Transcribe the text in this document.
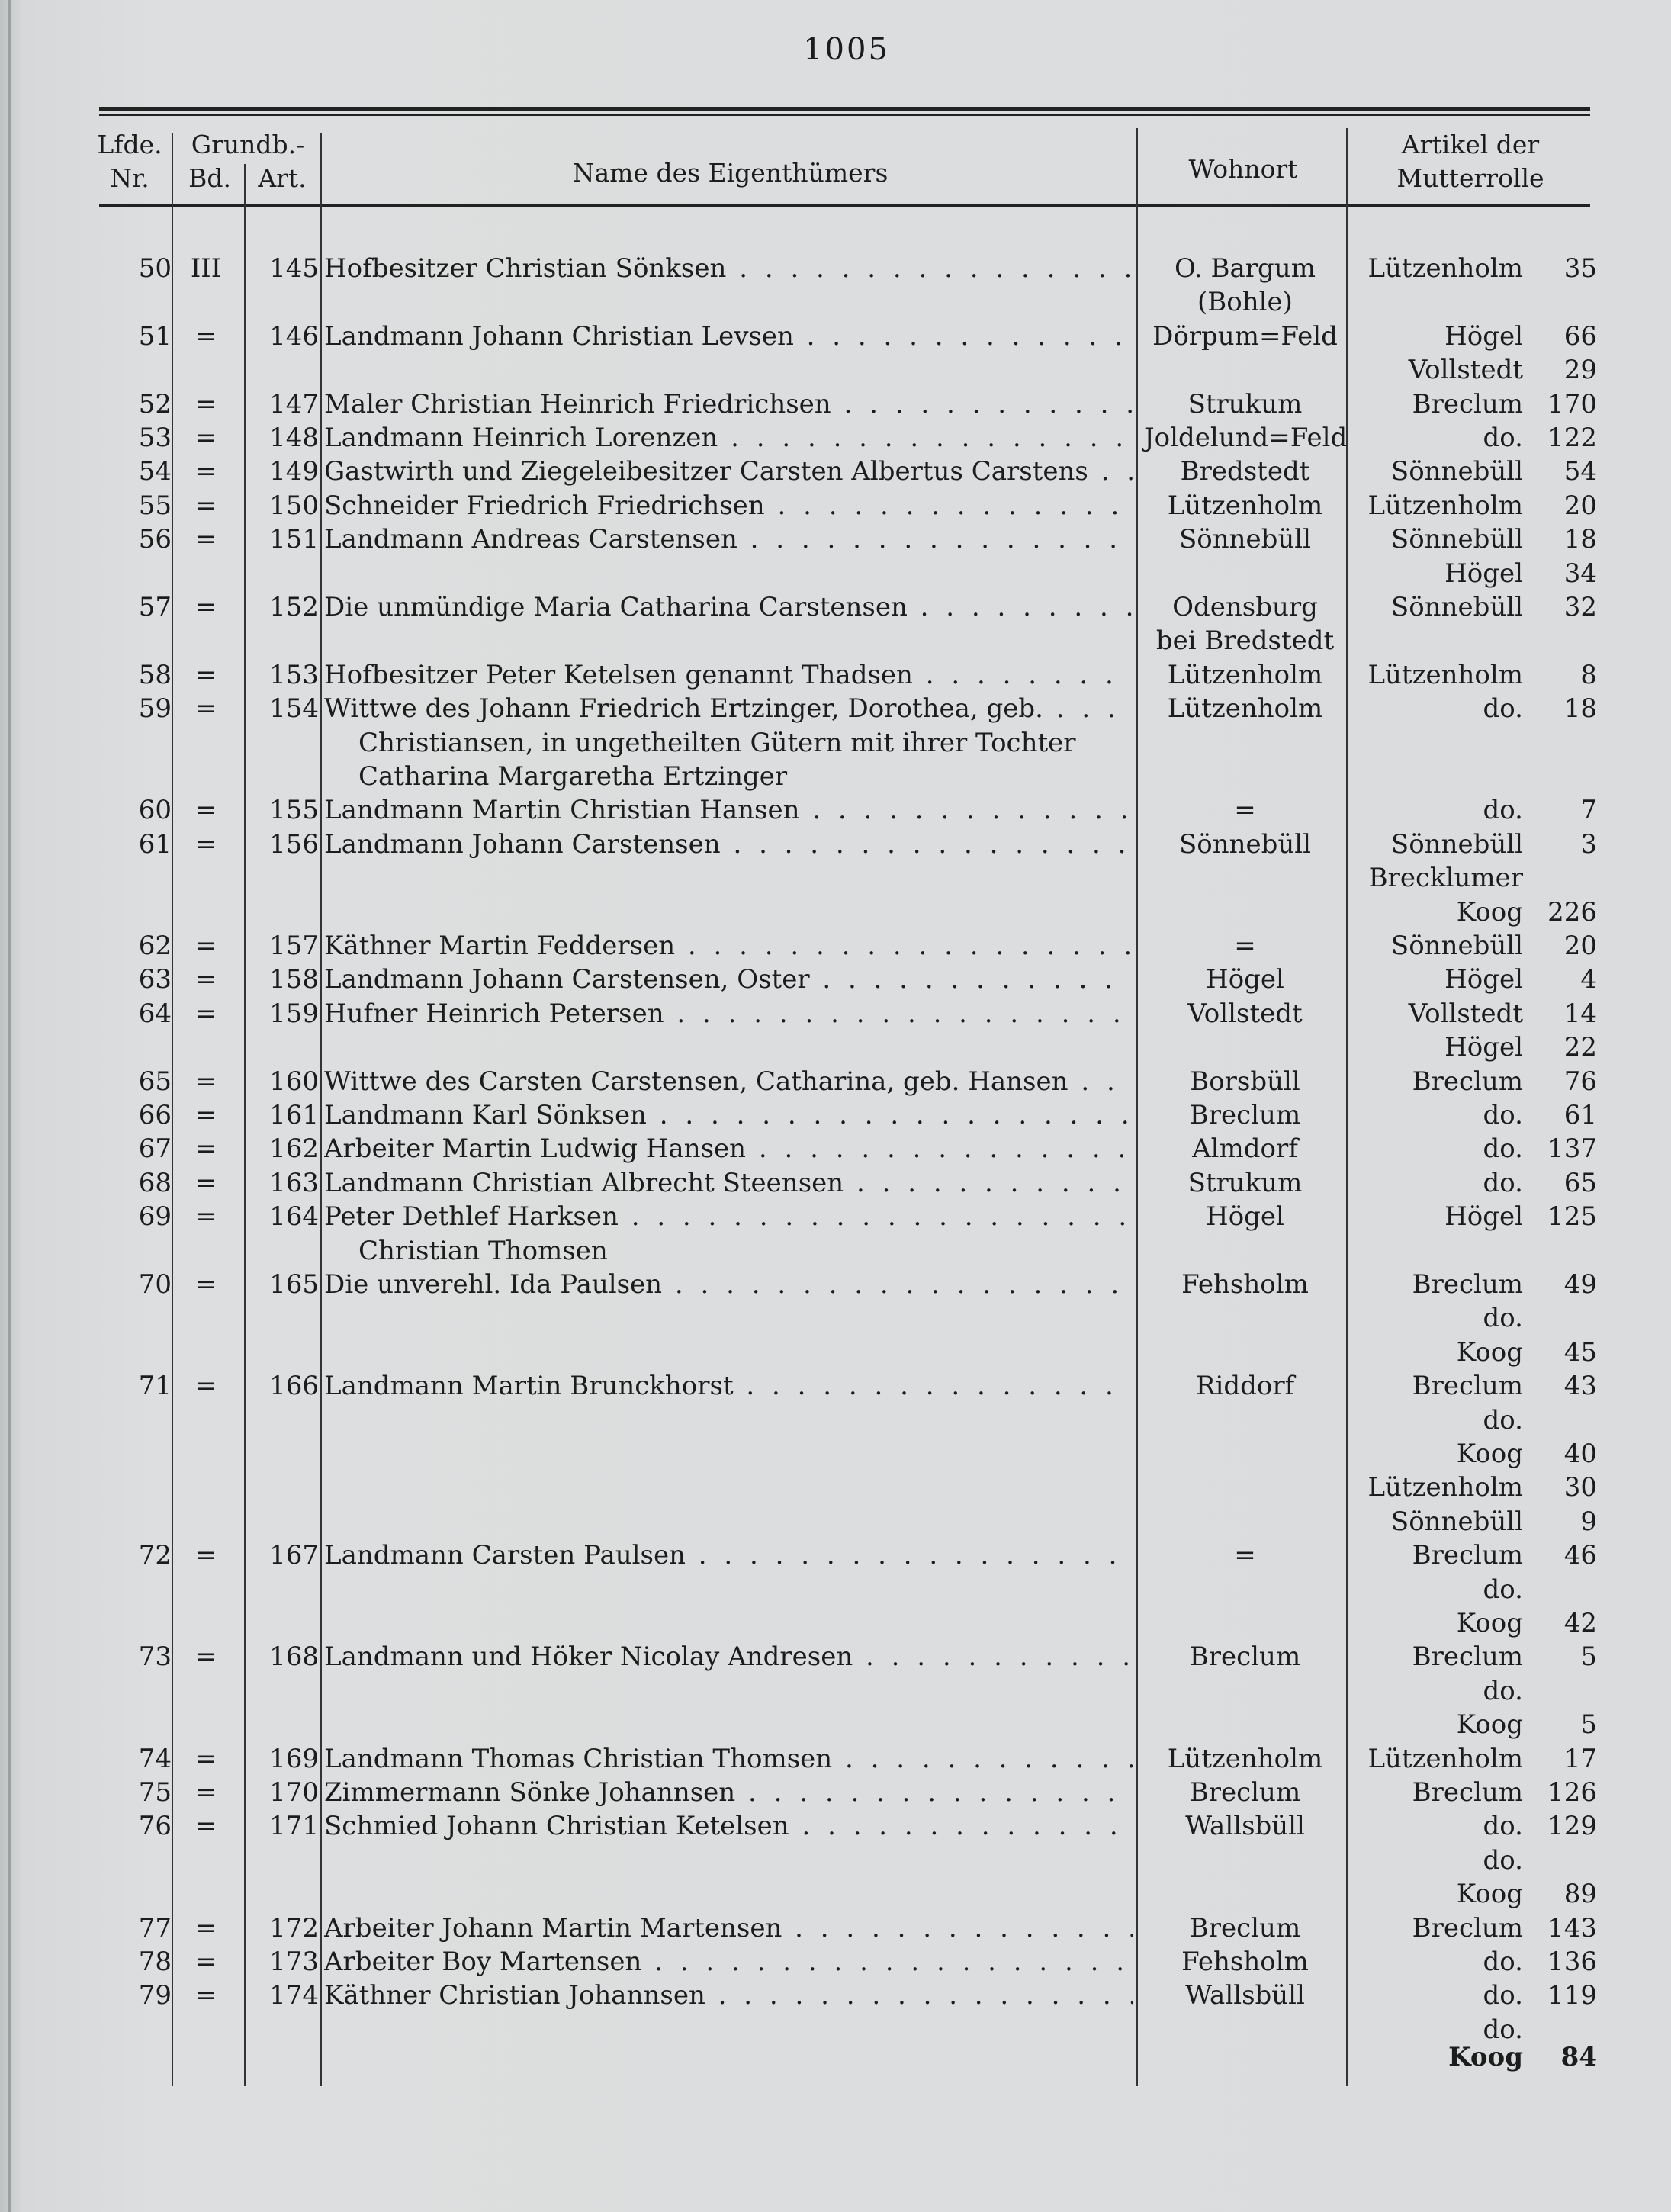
1005
Lfde.
Nr.
Grundb.-
Bd.	Art.	Name des Eigenthümers	Wohnort
Artikel der
Mutterrolle
50 III	145 Hofbesitzer Christian Sönksen . . .	O. Bargum	Lützenholm	35
(Bohle)
51 =	146 Landmann Johann Christian Levsen . . .	Dörpum=Feld	Högel	66
Vollstedt	29
52 =	147 Maler Christian Heinrich Friedrichsen . . .	Strukum	Breclum 170
53 =	148 Landmann Heinrich Lorenzen . . .	Joldelund=Feld	do. 122
54 =	149 Gastwirth und Ziegeleibesitzer Carsten Albertus Carstens . . .	Bredstedt	Sönnebüll	54
55 =	150 Schneider Friedrich Friedrichsen . . .	Lützenholm	Lützenholm	20
56 =	151 Landmann Andreas Carstensen . . .	Sönnebüll	Sönnebüll	18
Högel	34
57 =	152 Die unmündige Maria Catharina Carstensen . . .	Odensburg	Sönnebüll	32
bei Bredstedt
58 =	153 Hofbesitzer Peter Ketelsen genannt Thadsen . . .	Lützenholm	Lützenholm	8
59 =	154 Wittwe des Johann Friedrich Ertzinger, Dorothea, geb. . . .	Lützenholm	do.	18
Christiansen, in ungetheilten Gütern mit ihrer Tochter
Catharina Margaretha Ertzinger
60 =	155 Landmann Martin Christian Hansen . . .	=	do.	7
61 =	156 Landmann Johann Carstensen . . .	Sönnebüll	Sönnebüll	3
Brecklumer
Koog 226
62 =	157 Käthner Martin Feddersen . . .	=	Sönnebüll	20
63 =	158 Landmann Johann Carstensen, Oster . . .	Högel	Högel	4
64 =	159 Hufner Heinrich Petersen . . .	Vollstedt	Vollstedt	14
Högel	22
65 =	160 Wittwe des Carsten Carstensen, Catharina, geb. Hansen . . .	Borsbüll	Breclum	76
66 =	161 Landmann Karl Sönksen . . .	Breclum	do.	61
67 =	162 Arbeiter Martin Ludwig Hansen . . .	Almdorf	do. 137
68 =	163 Landmann Christian Albrecht Steensen . . .	Strukum	do.	65
69 =	164 Peter Dethlef Harksen . . .	Högel	Högel 125
Christian Thomsen
70 =	165 Die unverehl. Ida Paulsen . . .	Fehsholm	Breclum	49
do.
Koog	45
71 =	166 Landmann Martin Brunckhorst . . .	Riddorf	Breclum	43
do.
Koog	40
Lützenholm	30
Sönnebüll	9
72 =	167 Landmann Carsten Paulsen . . .	=	Breclum	46
do.
Koog	42
73 =	168 Landmann und Höker Nicolay Andresen . . .	Breclum	Breclum	5
do.
Koog	5
74 =	169 Landmann Thomas Christian Thomsen . . .	Lützenholm	Lützenholm	17
75 =	170 Zimmermann Sönke Johannsen . . .	Breclum	Breclum 126
76 =	171 Schmied Johann Christian Ketelsen . . .	Wallsbüll	do. 129
do.
Koog	89
77 =	172 Arbeiter Johann Martin Martensen . . .	Breclum	Breclum 143
78 =	173 Arbeiter Boy Martensen . . .	Fehsholm	do. 136
79 =	174 Käthner Christian Johannsen . . .	Wallsbüll	do. 119
do.
Koog	84
